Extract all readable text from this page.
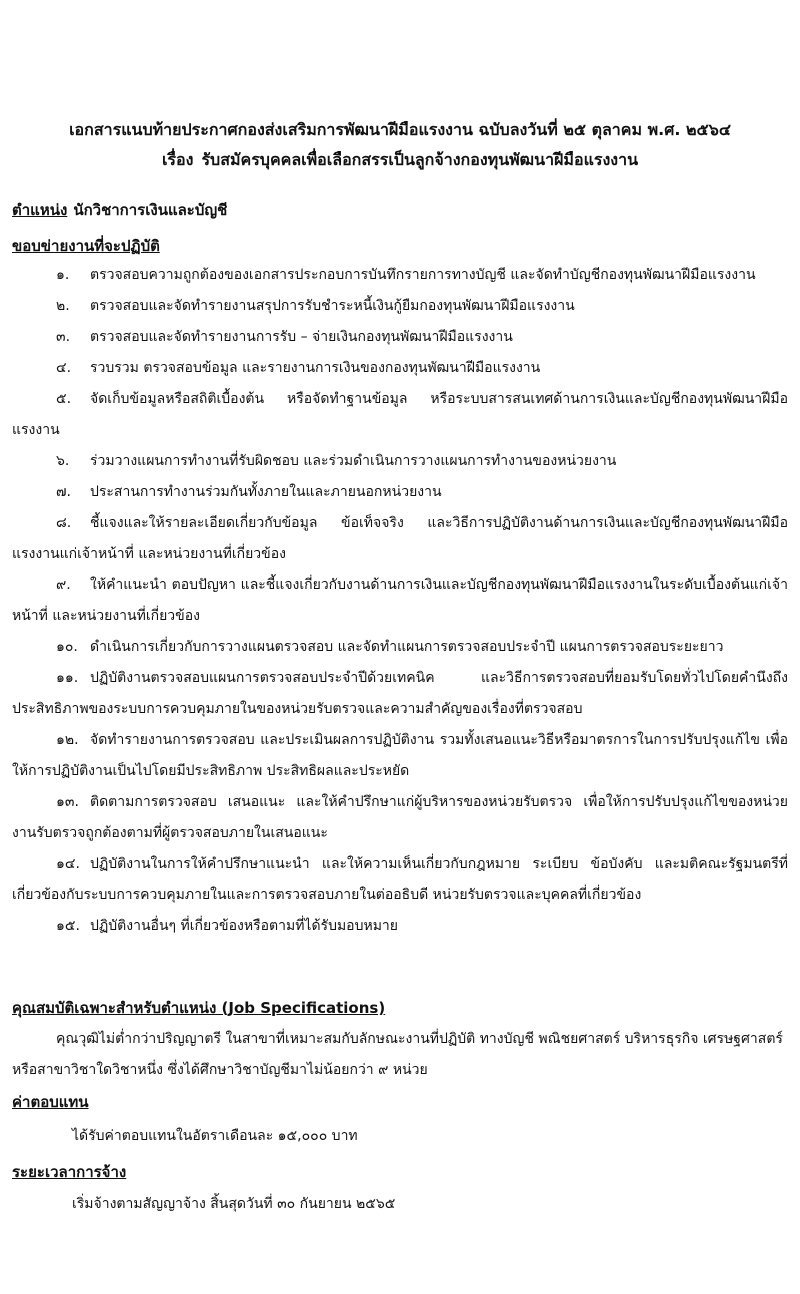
เอกสารแนบท้ายประกาศกองส่งเสริมการพัฒนาฝีมือแรงงาน ฉบับลงวันที่ ๒๕ ตุลาคม พ.ศ. ๒๕๖๔
เรื่อง รับสมัครบุคคลเพื่อเลือกสรรเป็นลูกจ้างกองทุนพัฒนาฝีมือแรงงาน
ตำแหน่ง นักวิชาการเงินและบัญชี
ขอบข่ายงานที่จะปฏิบัติ
๑. ตรวจสอบความถูกต้องของเอกสารประกอบการบันทึกรายการทางบัญชี และจัดทำบัญชีกองทุนพัฒนาฝีมือแรงงาน
๒. ตรวจสอบและจัดทำรายงานสรุปการรับชำระหนี้เงินกู้ยืมกองทุนพัฒนาฝีมือแรงงาน
๓. ตรวจสอบและจัดทำรายงานการรับ – จ่ายเงินกองทุนพัฒนาฝีมือแรงงาน
๔. รวบรวม ตรวจสอบข้อมูล และรายงานการเงินของกองทุนพัฒนาฝีมือแรงงาน
๕. จัดเก็บข้อมูลหรือสถิติเบื้องต้น หรือจัดทำฐานข้อมูล หรือระบบสารสนเทศด้านการเงินและบัญชีกองทุนพัฒนาฝีมือแรงงาน
๖. ร่วมวางแผนการทำงานที่รับผิดชอบ และร่วมดำเนินการวางแผนการทำงานของหน่วยงาน
๗. ประสานการทำงานร่วมกันทั้งภายในและภายนอกหน่วยงาน
๘. ชี้แจงและให้รายละเอียดเกี่ยวกับข้อมูล ข้อเท็จจริง และวิธีการปฏิบัติงานด้านการเงินและบัญชีกองทุนพัฒนาฝีมือแรงงานแก่เจ้าหน้าที่ และหน่วยงานที่เกี่ยวข้อง
๙. ให้คำแนะนำ ตอบปัญหา และชี้แจงเกี่ยวกับงานด้านการเงินและบัญชีกองทุนพัฒนาฝีมือแรงงานในระดับเบื้องต้นแก่เจ้าหน้าที่ และหน่วยงานที่เกี่ยวข้อง
๑๐. ดำเนินการเกี่ยวกับการวางแผนตรวจสอบ และจัดทำแผนการตรวจสอบประจำปี แผนการตรวจสอบระยะยาว
๑๑. ปฏิบัติงานตรวจสอบแผนการตรวจสอบประจำปีด้วยเทคนิค และวิธีการตรวจสอบที่ยอมรับโดยทั่วไปโดยคำนึงถึงประสิทธิภาพของระบบการควบคุมภายในของหน่วยรับตรวจและความสำคัญของเรื่องที่ตรวจสอบ
๑๒. จัดทำรายงานการตรวจสอบ และประเมินผลการปฏิบัติงาน รวมทั้งเสนอแนะวิธีหรือมาตรการในการปรับปรุงแก้ไข เพื่อให้การปฏิบัติงานเป็นไปโดยมีประสิทธิภาพ ประสิทธิผลและประหยัด
๑๓. ติดตามการตรวจสอบ เสนอแนะ และให้คำปรึกษาแก่ผู้บริหารของหน่วยรับตรวจ เพื่อให้การปรับปรุงแก้ไขของหน่วยงานรับตรวจถูกต้องตามที่ผู้ตรวจสอบภายในเสนอแนะ
๑๔. ปฏิบัติงานในการให้คำปรึกษาแนะนำ และให้ความเห็นเกี่ยวกับกฎหมาย ระเบียบ ข้อบังคับ และมติคณะรัฐมนตรีที่เกี่ยวข้องกับระบบการควบคุมภายในและการตรวจสอบภายในต่ออธิบดี หน่วยรับตรวจและบุคคลที่เกี่ยวข้อง
๑๕. ปฏิบัติงานอื่นๆ ที่เกี่ยวข้องหรือตามที่ได้รับมอบหมาย
คุณสมบัติเฉพาะสำหรับตำแหน่ง (Job Specifications)

คุณวุฒิไม่ต่ำกว่าปริญญาตรี ในสาขาที่เหมาะสมกับลักษณะงานที่ปฏิบัติ ทางบัญชี พณิชยศาสตร์ บริหารธุรกิจ เศรษฐศาสตร์ หรือสาขาวิชาใดวิชาหนึ่ง ซึ่งได้ศึกษาวิชาบัญชีมาไม่น้อยกว่า ๙ หน่วย

ค่าตอบแทน
ได้รับค่าตอบแทนในอัตราเดือนละ ๑๕,๐๐๐ บาท
ระยะเวลาการจ้าง
เริ่มจ้างตามสัญญาจ้าง สิ้นสุดวันที่ ๓๐ กันยายน ๒๕๖๕
